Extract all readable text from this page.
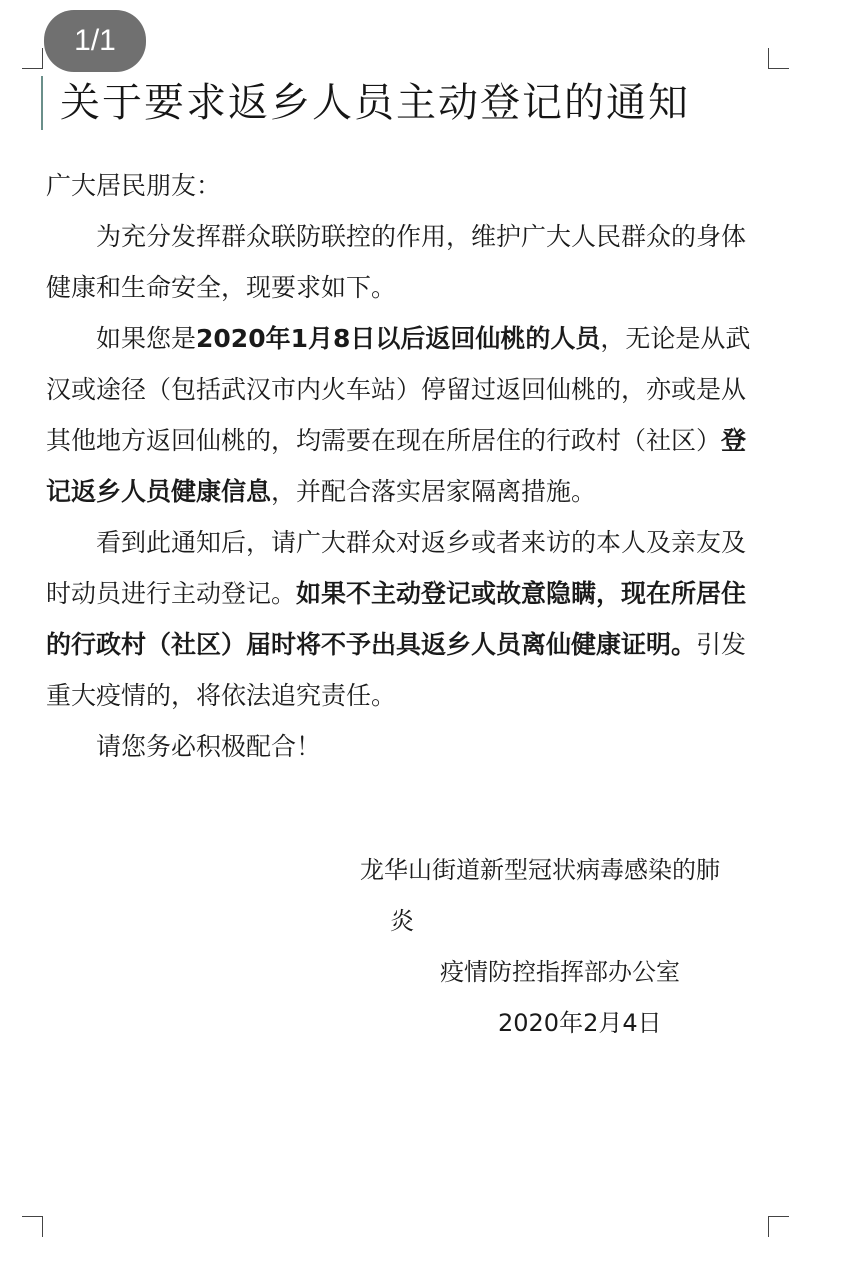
1/1
关于要求返乡人员主动登记的通知

广大居民朋友：

为充分发挥群众联防联控的作用，维护广大人民群众的身体健康和生命安全，现要求如下。

如果您是2020年1月8日以后返回仙桃的人员，无论是从武汉或途径（包括武汉市内火车站）停留过返回仙桃的，亦或是从其他地方返回仙桃的，均需要在现在所居住的行政村（社区）登记返乡人员健康信息，并配合落实居家隔离措施。

看到此通知后，请广大群众对返乡或者来访的本人及亲友及时动员进行主动登记。如果不主动登记或故意隐瞒，现在所居住的行政村（社区）届时将不予出具返乡人员离仙健康证明。引发重大疫情的，将依法追究责任。

请您务必积极配合！

龙华山街道新型冠状病毒感染的肺
炎
疫情防控指挥部办公室
2020年2月4日
